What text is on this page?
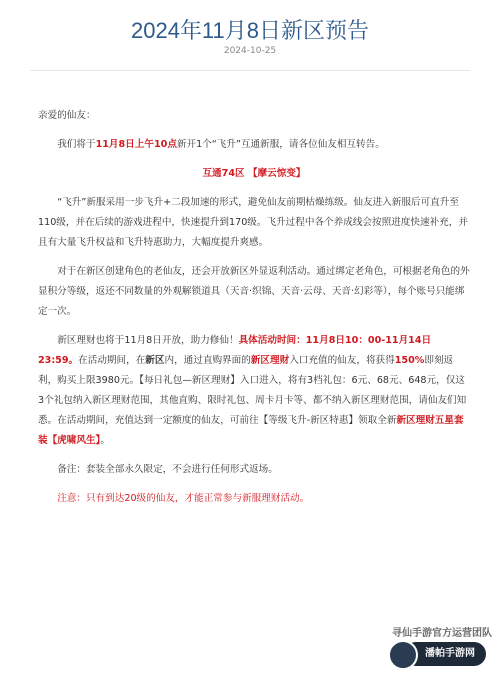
2024年11月8日新区预告
2024-10-25

亲爱的仙友：

我们将于11月8日上午10点新开1个“飞升”互通新服，请各位仙友相互转告。

互通74区 【摩云惊变】

“飞升”新服采用一步飞升+二段加速的形式，避免仙友前期枯燥练级。仙友进入新服后可直升至110级，并在后续的游戏进程中，快速提升到170级。飞升过程中各个养成线会按照进度快速补充，并且有大量飞升权益和飞升特惠助力，大幅度提升爽感。

对于在新区创建角色的老仙友，还会开放新区外显返利活动。通过绑定老角色，可根据老角色的外显积分等级，返还不同数量的外观解锁道具（天音·织锦、天音·云母、天音·幻彩等），每个账号只能绑定一次。

新区理财也将于11月8日开放，助力修仙！具体活动时间：11月8日10：00-11月14日23:59。在活动期间，在新区内，通过直购界面的新区理财入口充值的仙友，将获得150%即刻返利，购买上限3980元。【每日礼包—新区理财】入口进入，将有3档礼包：6元、68元、648元，仅这3个礼包纳入新区理财范围，其他直购、限时礼包、周卡月卡等、都不纳入新区理财范围，请仙友们知悉。在活动期间，充值达到一定额度的仙友，可前往【等级飞升-新区特惠】领取全新新区理财五星套装【虎啸风生】。

备注：套装全部永久限定，不会进行任何形式返场。

注意：只有到达20级的仙友，才能正常参与新服理财活动。

寻仙手游官方运营团队
潘帕手游网
